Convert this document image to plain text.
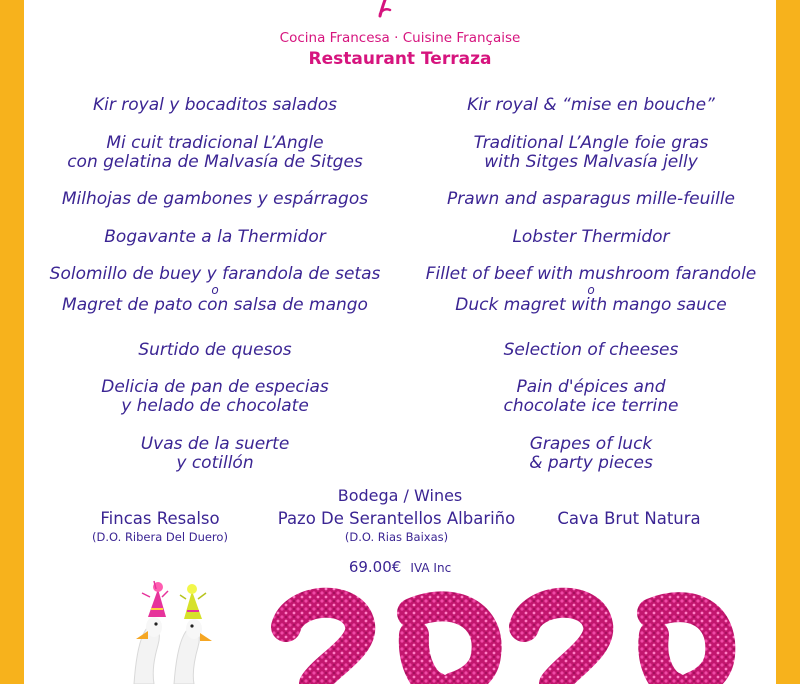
Cocina Francesa · Cuisine Française
Restaurant Terraza
Kir royal y bocaditos salados
Mi cuit tradicional L’Angle
con gelatina de Malvasía de Sitges
Milhojas de gambones y espárragos
Bogavante a la Thermidor
Solomillo de buey y farandola de setas
o
Magret de pato con salsa de mango
Surtido de quesos
Delicia de pan de especias
y helado de chocolate
Uvas de la suerte
y cotillón
Kir royal & “mise en bouche”
Traditional L’Angle foie gras
with Sitges Malvasía jelly
Prawn and asparagus mille-feuille
Lobster Thermidor
Fillet of beef with mushroom farandole
o
Duck magret with mango sauce
Selection of cheeses
Pain d'épices and
chocolate ice terrine
Grapes of luck
& party pieces
Bodega / Wines
Fincas Resalso
(D.O. Ribera Del Duero)
Pazo De Serantellos Albariño
(D.O. Rias Baixas)
Cava Brut Natura
69.00€ IVA Inc
